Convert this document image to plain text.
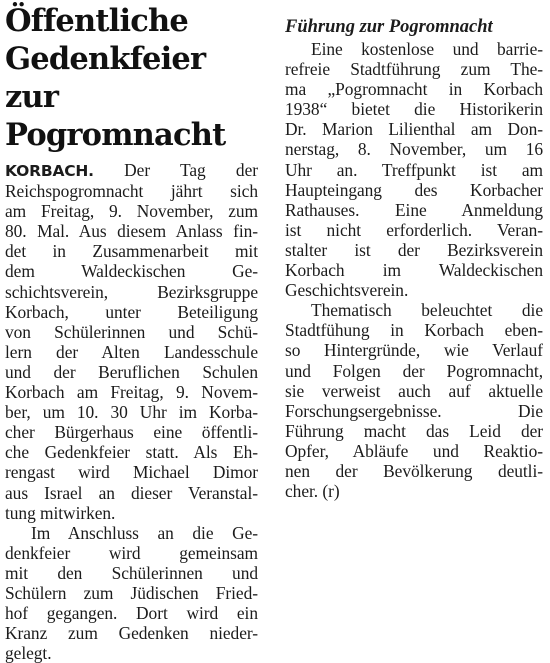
Öffentliche
Gedenkfeier zur
Pogromnacht
KORBACH. Der Tag der
Reichspogromnacht jährt sich
am Freitag, 9. November, zum
80. Mal. Aus diesem Anlass fin-
det in Zusammenarbeit mit
dem Waldeckischen Ge-
schichtsverein, Bezirksgruppe
Korbach, unter Beteiligung
von Schülerinnen und Schü-
lern der Alten Landesschule
und der Beruflichen Schulen
Korbach am Freitag, 9. Novem-
ber, um 10. 30 Uhr im Korba-
cher Bürgerhaus eine öffentli-
che Gedenkfeier statt. Als Eh-
rengast wird Michael Dimor
aus Israel an dieser Veranstal-
tung mitwirken.
Im Anschluss an die Ge-
denkfeier wird gemeinsam
mit den Schülerinnen und
Schülern zum Jüdischen Fried-
hof gegangen. Dort wird ein
Kranz zum Gedenken nieder-
gelegt.
Führung zur Pogromnacht
Eine kostenlose und barrie-
refreie Stadtführung zum The-
ma „Pogromnacht in Korbach
1938“ bietet die Historikerin
Dr. Marion Lilienthal am Don-
nerstag, 8. November, um 16
Uhr an. Treffpunkt ist am
Haupteingang des Korbacher
Rathauses. Eine Anmeldung
ist nicht erforderlich. Veran-
stalter ist der Bezirksverein
Korbach im Waldeckischen
Geschichtsverein.
Thematisch beleuchtet die
Stadtfühung in Korbach eben-
so Hintergründe, wie Verlauf
und Folgen der Pogromnacht,
sie verweist auch auf aktuelle
Forschungsergebnisse. Die
Führung macht das Leid der
Opfer, Abläufe und Reaktio-
nen der Bevölkerung deutli-
cher. (r)
